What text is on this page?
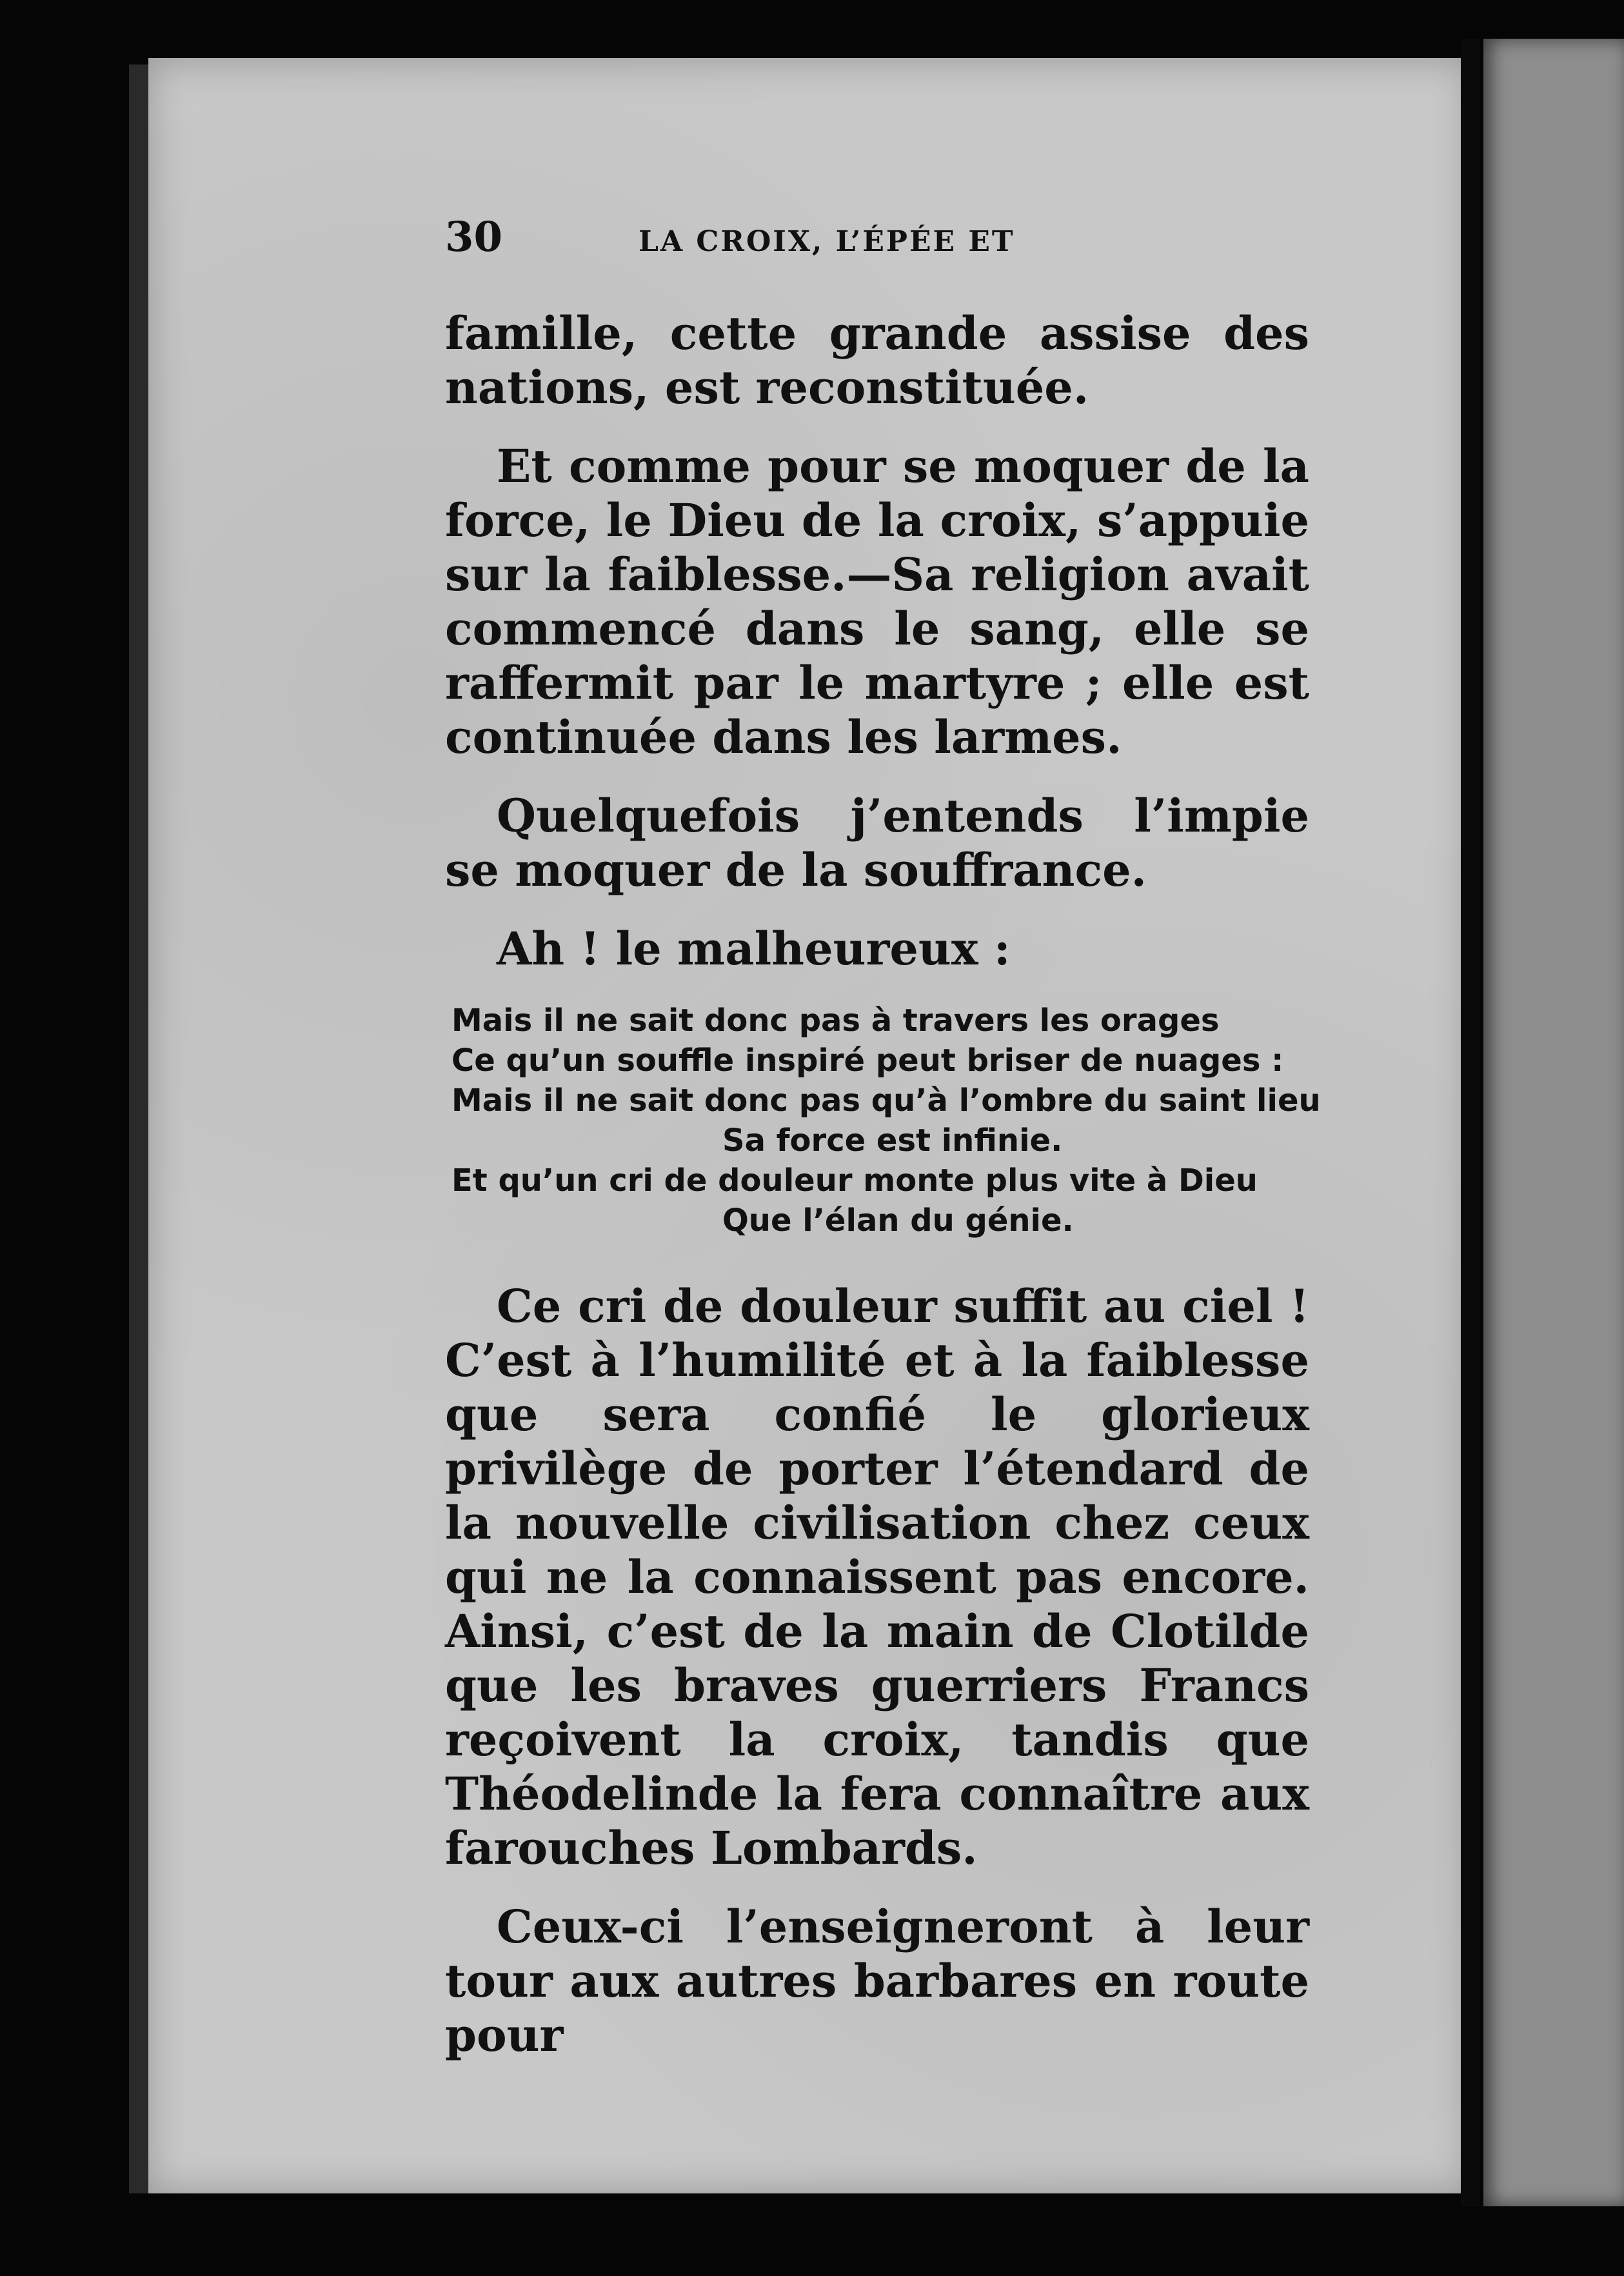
30	LA CROIX, L’ÉPÉE ET

famille, cette grande assise des nations, est reconstituée.

Et comme pour se moquer de la force, le Dieu de la croix, s’appuie sur la faiblesse.—Sa religion avait commencé dans le sang, elle se raffermit par le martyre ; elle est continuée dans les larmes.

Quelquefois j’entends l’impie se moquer de la souffrance.

Ah ! le malheureux :

Mais il ne sait donc pas à travers les orages
Ce qu’un souffle inspiré peut briser de nuages :
Mais il ne sait donc pas qu’à l’ombre du saint lieu
Sa force est infinie.
Et qu’un cri de douleur monte plus vite à Dieu
Que l’élan du génie.

Ce cri de douleur suffit au ciel ! C’est à l’humilité et à la faiblesse que sera confié le glorieux privilège de porter l’étendard de la nouvelle civilisation chez ceux qui ne la connaissent pas encore. Ainsi, c’est de la main de Clotilde que les braves guerriers Francs reçoivent la croix, tandis que Théodelinde la fera connaître aux farouches Lombards.

Ceux-ci l’enseigneront à leur tour aux autres barbares en route pour
